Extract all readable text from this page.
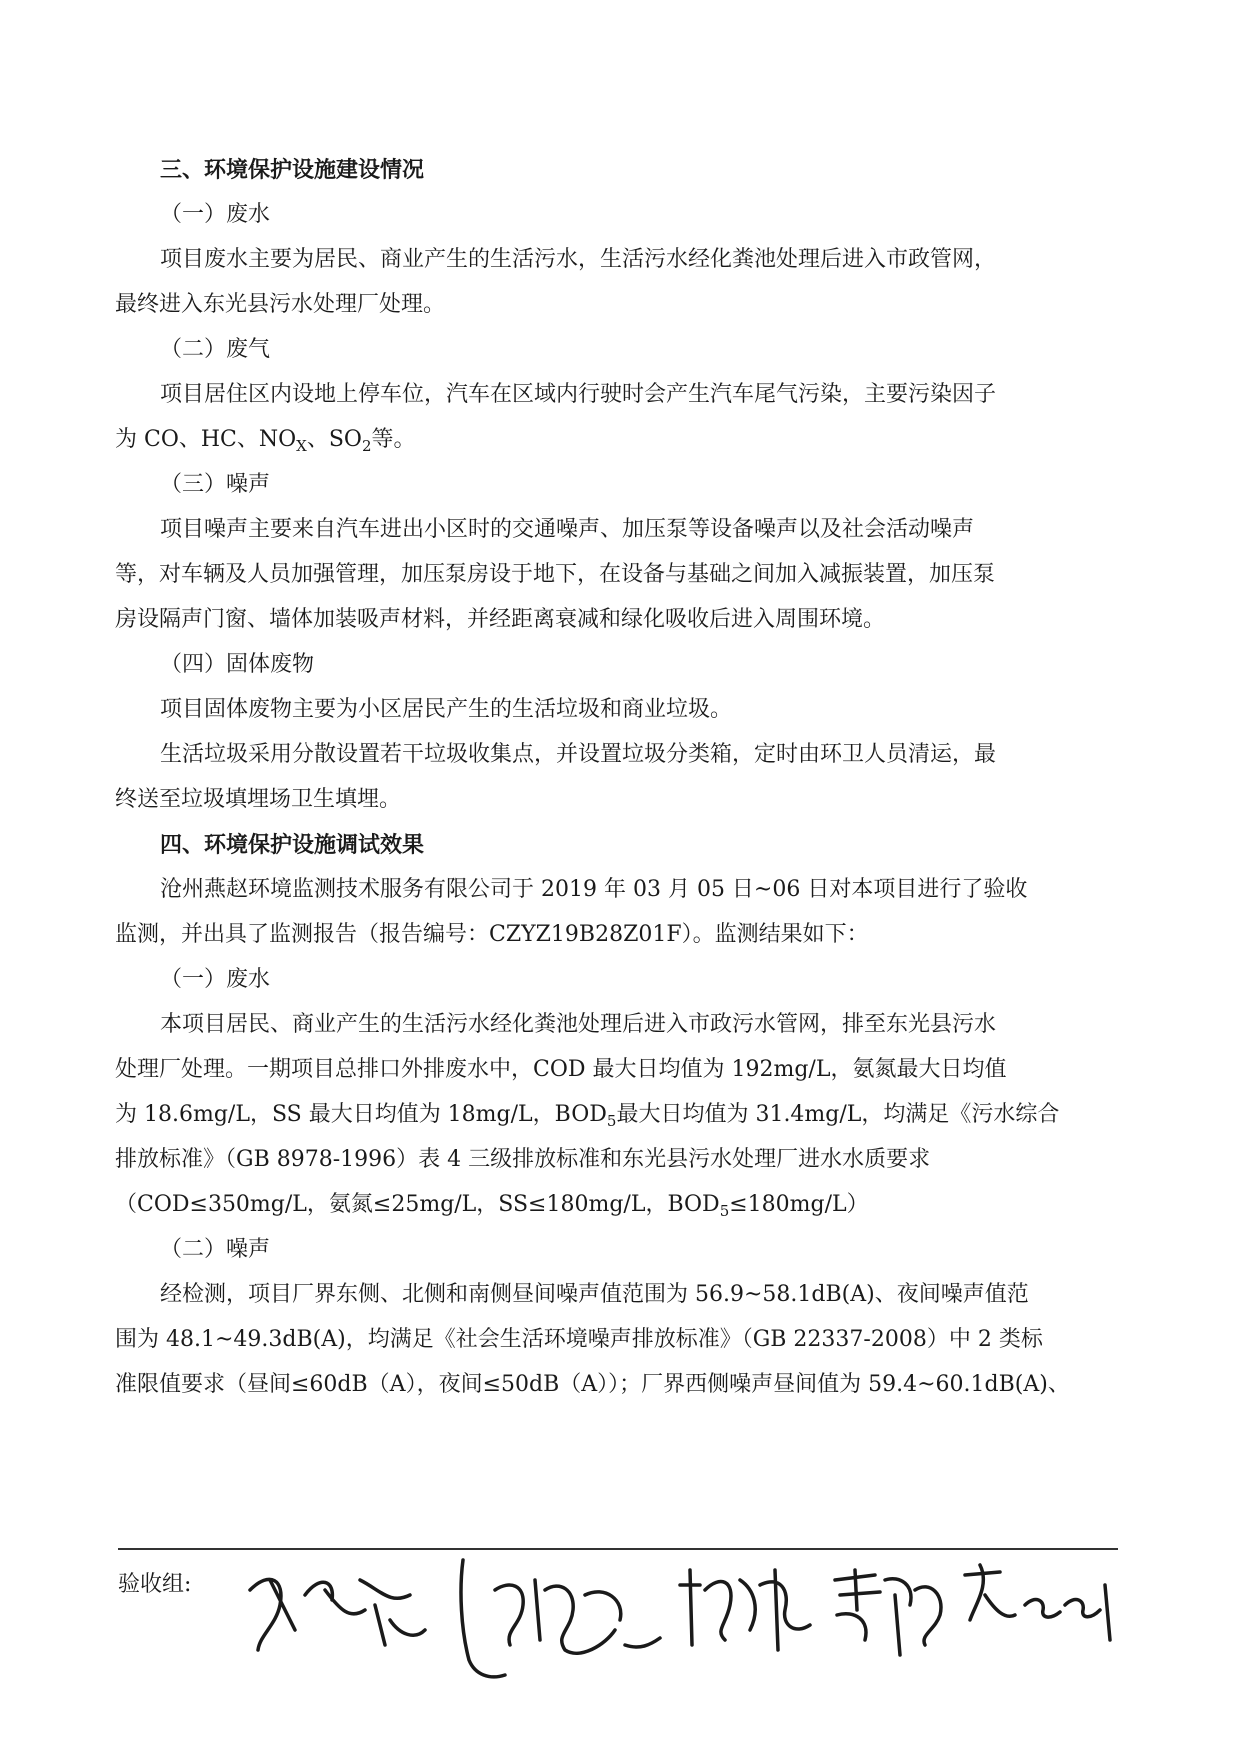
三、环境保护设施建设情况
（一）废水
项目废水主要为居民、商业产生的生活污水，生活污水经化粪池处理后进入市政管网，
最终进入东光县污水处理厂处理。
（二）废气
项目居住区内设地上停车位，汽车在区域内行驶时会产生汽车尾气污染，主要污染因子
为 CO、HC、$NO_X$、$SO_2$等。
（三）噪声
项目噪声主要来自汽车进出小区时的交通噪声、加压泵等设备噪声以及社会活动噪声
等，对车辆及人员加强管理，加压泵房设于地下，在设备与基础之间加入减振装置，加压泵
房设隔声门窗、墙体加装吸声材料，并经距离衰减和绿化吸收后进入周围环境。
（四）固体废物
项目固体废物主要为小区居民产生的生活垃圾和商业垃圾。
生活垃圾采用分散设置若干垃圾收集点，并设置垃圾分类箱，定时由环卫人员清运，最
终送至垃圾填埋场卫生填埋。
四、环境保护设施调试效果
沧州燕赵环境监测技术服务有限公司于 2019 年 03 月 05 日~06 日对本项目进行了验收
监测，并出具了监测报告（报告编号：CZYZ19B28Z01F）。监测结果如下：
（一）废水
本项目居民、商业产生的生活污水经化粪池处理后进入市政污水管网，排至东光县污水
处理厂处理。一期项目总排口外排废水中，COD 最大日均值为 192mg/L，氨氮最大日均值
为 18.6mg/L，SS 最大日均值为 18mg/L，$BOD_5$最大日均值为 31.4mg/L，均满足《污水综合
排放标准》（GB 8978-1996）表 4 三级排放标准和东光县污水处理厂进水水质要求
（COD≤350mg/L，氨氮≤25mg/L，SS≤180mg/L，$BOD_5\le 180mg/L$）
（二）噪声
经检测，项目厂界东侧、北侧和南侧昼间噪声值范围为 56.9~58.1dB(A)、夜间噪声值范
围为 48.1~49.3dB(A)，均满足《社会生活环境噪声排放标准》（GB 22337-2008）中 2 类标
准限值要求（昼间≤60dB（A），夜间≤50dB（A））；厂界西侧噪声昼间值为 59.4~60.1dB(A)、
验收组:
